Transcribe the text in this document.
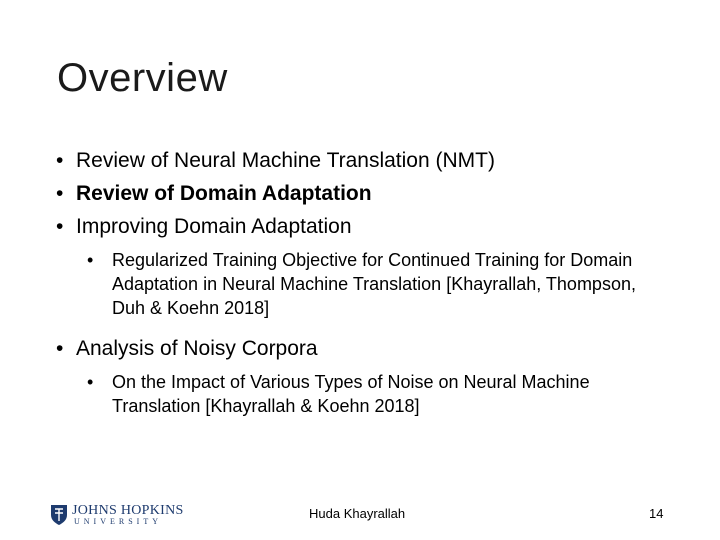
Overview
• Review of Neural Machine Translation (NMT)
• Review of Domain Adaptation
• Improving Domain Adaptation
• Regularized Training Objective for Continued Training for Domain Adaptation in Neural Machine Translation [Khayrallah, Thompson, Duh & Koehn 2018]
• Analysis of Noisy Corpora
• On the Impact of Various Types of Noise on Neural Machine Translation [Khayrallah & Koehn 2018]
JOHNS HOPKINS
UNIVERSITY
Huda Khayrallah	14
